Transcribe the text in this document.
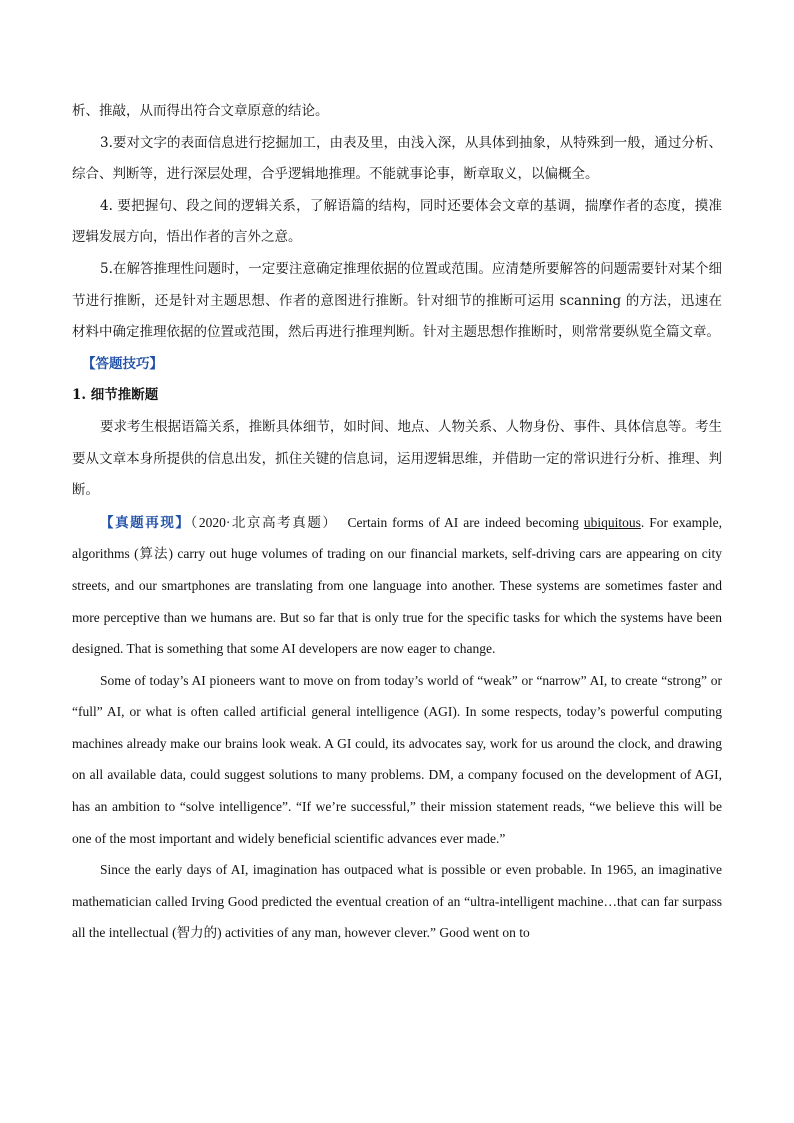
析、推敲，从而得出符合文章原意的结论。

3.要对文字的表面信息进行挖掘加工，由表及里，由浅入深，从具体到抽象，从特殊到一般，通过分析、综合、判断等，进行深层处理，合乎逻辑地推理。不能就事论事，断章取义，以偏概全。

4. 要把握句、段之间的逻辑关系，了解语篇的结构，同时还要体会文章的基调，揣摩作者的态度，摸准逻辑发展方向，悟出作者的言外之意。

5.在解答推理性问题时，一定要注意确定推理依据的位置或范围。应清楚所要解答的问题需要针对某个细节进行推断，还是针对主题思想、作者的意图进行推断。针对细节的推断可运用 scanning 的方法，迅速在材料中确定推理依据的位置或范围，然后再进行推理判断。针对主题思想作推断时，则常常要纵览全篇文章。

【答题技巧】

1. 细节推断题

要求考生根据语篇关系，推断具体细节，如时间、地点、人物关系、人物身份、事件、具体信息等。考生要从文章本身所提供的信息出发，抓住关键的信息词，运用逻辑思维，并借助一定的常识进行分析、推理、判断。

【真题再现】（2020·北京高考真题） Certain forms of AI are indeed becoming ubiquitous. For example, algorithms (算法) carry out huge volumes of trading on our financial markets, self-driving cars are appearing on city streets, and our smartphones are translating from one language into another. These systems are sometimes faster and more perceptive than we humans are. But so far that is only true for the specific tasks for which the systems have been designed. That is something that some AI developers are now eager to change.

Some of today’s AI pioneers want to move on from today’s world of “weak” or “narrow” AI, to create “strong” or “full” AI, or what is often called artificial general intelligence (AGI). In some respects, today’s powerful computing machines already make our brains look weak. A GI could, its advocates say, work for us around the clock, and drawing on all available data, could suggest solutions to many problems. DM, a company focused on the development of AGI, has an ambition to “solve intelligence”. “If we’re successful,” their mission statement reads, “we believe this will be one of the most important and widely beneficial scientific advances ever made.”

Since the early days of AI, imagination has outpaced what is possible or even probable. In 1965, an imaginative mathematician called Irving Good predicted the eventual creation of an “ultra-intelligent machine…that can far surpass all the intellectual (智力的) activities of any man, however clever.” Good went on to
